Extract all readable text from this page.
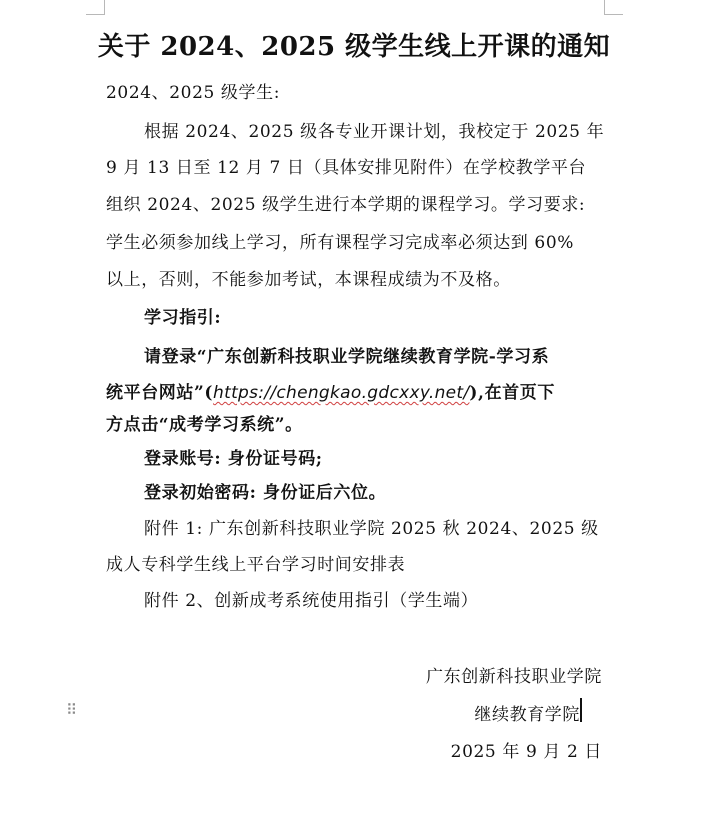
关于 2024、2025 级学生线上开课的通知
2024、2025 级学生:
根据 2024、2025 级各专业开课计划，我校定于 2025 年
9 月 13 日至 12 月 7 日（具体安排见附件）在学校教学平台
组织 2024、2025 级学生进行本学期的课程学习。学习要求:
学生必须参加线上学习，所有课程学习完成率必须达到 60%
以上，否则，不能参加考试，本课程成绩为不及格。
学习指引:
请登录“广东创新科技职业学院继续教育学院-学习系
统平台网站”(https://chengkao.gdcxxy.net/),在首页下
方点击“成考学习系统”。
登录账号: 身份证号码;
登录初始密码: 身份证后六位。
附件 1: 广东创新科技职业学院 2025 秋 2024、2025 级
成人专科学生线上平台学习时间安排表
附件 2、创新成考系统使用指引（学生端）
广东创新科技职业学院
继续教育学院
2025 年 9 月 2 日
⠿
